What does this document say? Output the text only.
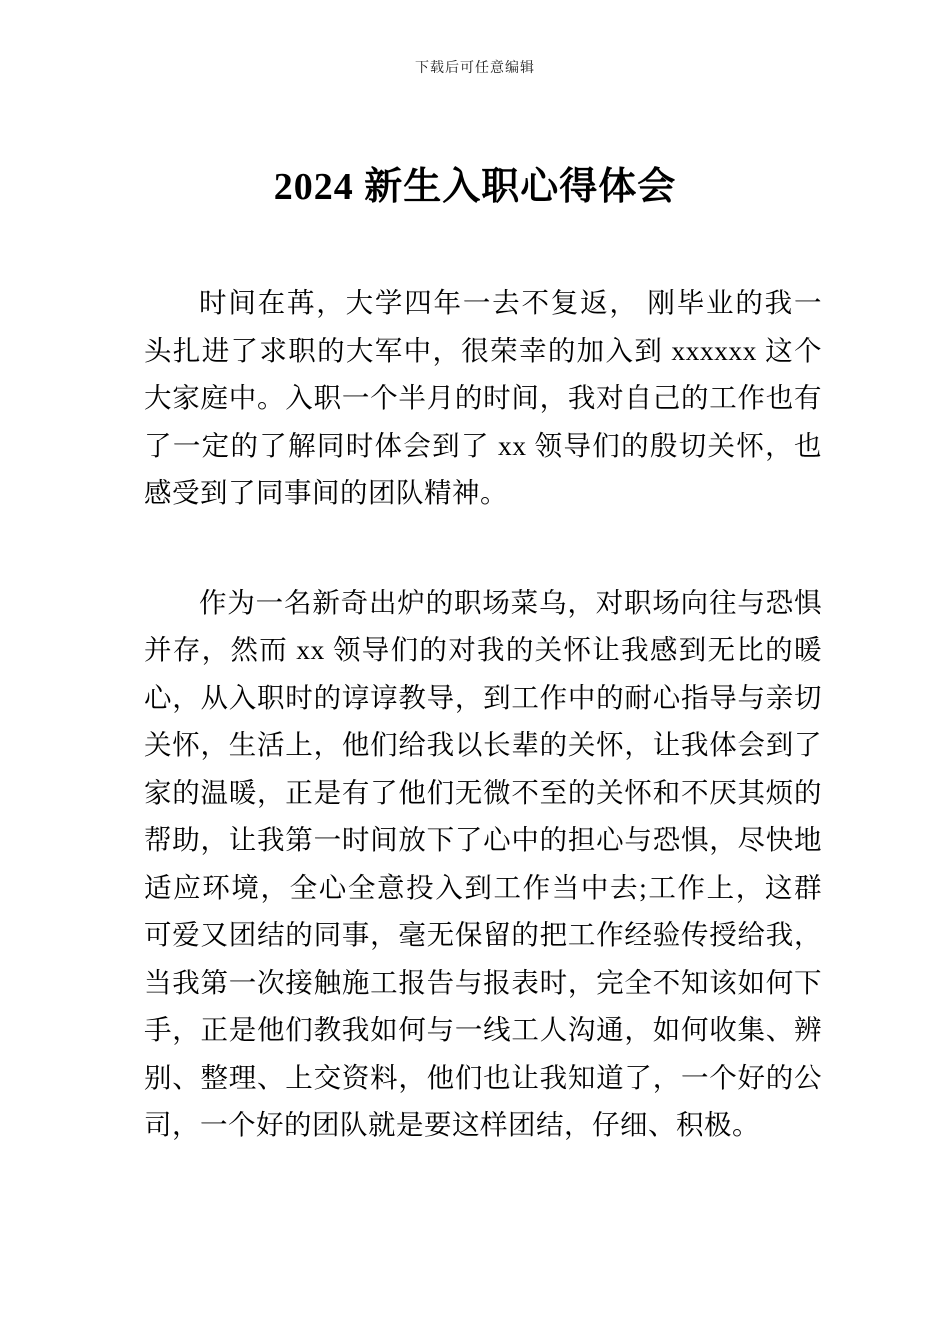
下载后可任意编辑
2024 新生入职心得体会

时间在苒，大学四年一去不复返， 刚毕业的我一头扎进了求职的大军中，很荣幸的加入到 xxxxxx 这个大家庭中。入职一个半月的时间，我对自己的工作也有了一定的了解同时体会到了 xx 领导们的殷切关怀，也感受到了同事间的团队精神。

作为一名新奇出炉的职场菜乌，对职场向往与恐惧并存，然而 xx 领导们的对我的关怀让我感到无比的暖心，从入职时的谆谆教导，到工作中的耐心指导与亲切关怀，生活上，他们给我以长辈的关怀，让我体会到了家的温暖，正是有了他们无微不至的关怀和不厌其烦的帮助，让我第一时间放下了心中的担心与恐惧，尽快地适应环境，全心全意投入到工作当中去;工作上，这群可爱又团结的同事，毫无保留的把工作经验传授给我，当我第一次接触施工报告与报表时，完全不知该如何下手，正是他们教我如何与一线工人沟通，如何收集、辨别、整理、上交资料，他们也让我知道了，一个好的公司，一个好的团队就是要这样团结，仔细、积极。
